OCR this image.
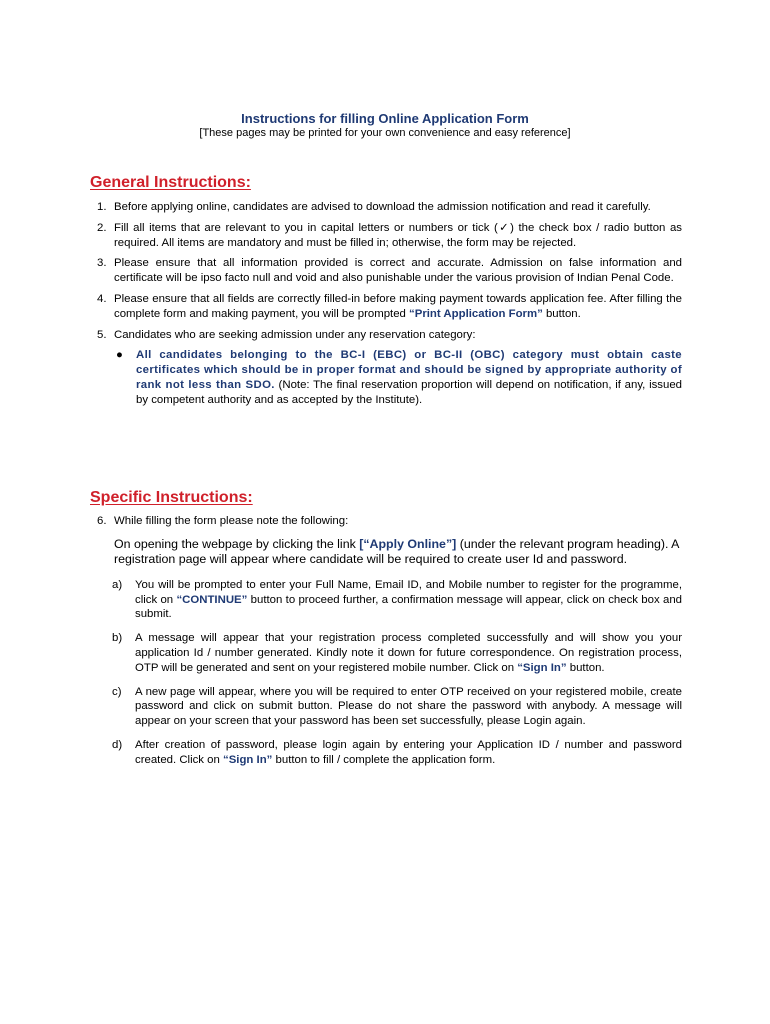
Instructions for filling Online Application Form
[These pages may be printed for your own convenience and easy reference]
General Instructions:
1. Before applying online, candidates are advised to download the admission notification and read it carefully.
2. Fill all items that are relevant to you in capital letters or numbers or tick (✓) the check box / radio button as required. All items are mandatory and must be filled in; otherwise, the form may be rejected.
3. Please ensure that all information provided is correct and accurate. Admission on false information and certificate will be ipso facto null and void and also punishable under the various provision of Indian Penal Code.
4. Please ensure that all fields are correctly filled-in before making payment towards application fee. After filling the complete form and making payment, you will be prompted “Print Application Form” button.
5. Candidates who are seeking admission under any reservation category:
● All candidates belonging to the BC-I (EBC) or BC-II (OBC) category must obtain caste certificates which should be in proper format and should be signed by appropriate authority of rank not less than SDO. (Note: The final reservation proportion will depend on notification, if any, issued by competent authority and as accepted by the Institute).
Specific Instructions:
6. While filling the form please note the following:
On opening the webpage by clicking the link [“Apply Online”] (under the relevant program heading). A registration page will appear where candidate will be required to create user Id and password.
a) You will be prompted to enter your Full Name, Email ID, and Mobile number to register for the programme, click on “CONTINUE” button to proceed further, a confirmation message will appear, click on check box and submit.
b) A message will appear that your registration process completed successfully and will show you your application Id / number generated. Kindly note it down for future correspondence. On registration process, OTP will be generated and sent on your registered mobile number. Click on “Sign In” button.
c) A new page will appear, where you will be required to enter OTP received on your registered mobile, create password and click on submit button. Please do not share the password with anybody. A message will appear on your screen that your password has been set successfully, please Login again.
d) After creation of password, please login again by entering your Application ID / number and password created. Click on “Sign In” button to fill / complete the application form.
